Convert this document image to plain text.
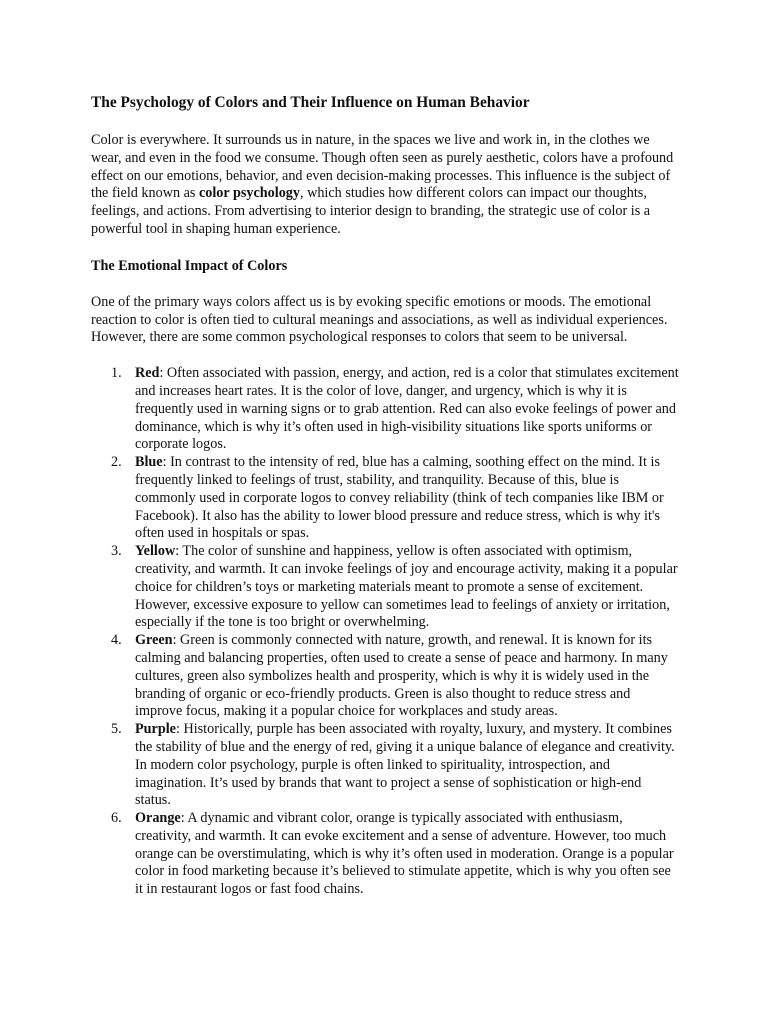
The Psychology of Colors and Their Influence on Human Behavior

Color is everywhere. It surrounds us in nature, in the spaces we live and work in, in the clothes we wear, and even in the food we consume. Though often seen as purely aesthetic, colors have a profound effect on our emotions, behavior, and even decision-making processes. This influence is the subject of the field known as color psychology, which studies how different colors can impact our thoughts, feelings, and actions. From advertising to interior design to branding, the strategic use of color is a powerful tool in shaping human experience.

The Emotional Impact of Colors

One of the primary ways colors affect us is by evoking specific emotions or moods. The emotional reaction to color is often tied to cultural meanings and associations, as well as individual experiences. However, there are some common psychological responses to colors that seem to be universal.

1. Red: Often associated with passion, energy, and action, red is a color that stimulates excitement and increases heart rates. It is the color of love, danger, and urgency, which is why it is frequently used in warning signs or to grab attention. Red can also evoke feelings of power and dominance, which is why it’s often used in high-visibility situations like sports uniforms or corporate logos.
2. Blue: In contrast to the intensity of red, blue has a calming, soothing effect on the mind. It is frequently linked to feelings of trust, stability, and tranquility. Because of this, blue is commonly used in corporate logos to convey reliability (think of tech companies like IBM or Facebook). It also has the ability to lower blood pressure and reduce stress, which is why it's often used in hospitals or spas.
3. Yellow: The color of sunshine and happiness, yellow is often associated with optimism, creativity, and warmth. It can invoke feelings of joy and encourage activity, making it a popular choice for children’s toys or marketing materials meant to promote a sense of excitement. However, excessive exposure to yellow can sometimes lead to feelings of anxiety or irritation, especially if the tone is too bright or overwhelming.
4. Green: Green is commonly connected with nature, growth, and renewal. It is known for its calming and balancing properties, often used to create a sense of peace and harmony. In many cultures, green also symbolizes health and prosperity, which is why it is widely used in the branding of organic or eco-friendly products. Green is also thought to reduce stress and improve focus, making it a popular choice for workplaces and study areas.
5. Purple: Historically, purple has been associated with royalty, luxury, and mystery. It combines the stability of blue and the energy of red, giving it a unique balance of elegance and creativity. In modern color psychology, purple is often linked to spirituality, introspection, and imagination. It’s used by brands that want to project a sense of sophistication or high-end status.
6. Orange: A dynamic and vibrant color, orange is typically associated with enthusiasm, creativity, and warmth. It can evoke excitement and a sense of adventure. However, too much orange can be overstimulating, which is why it’s often used in moderation. Orange is a popular color in food marketing because it’s believed to stimulate appetite, which is why you often see it in restaurant logos or fast food chains.
